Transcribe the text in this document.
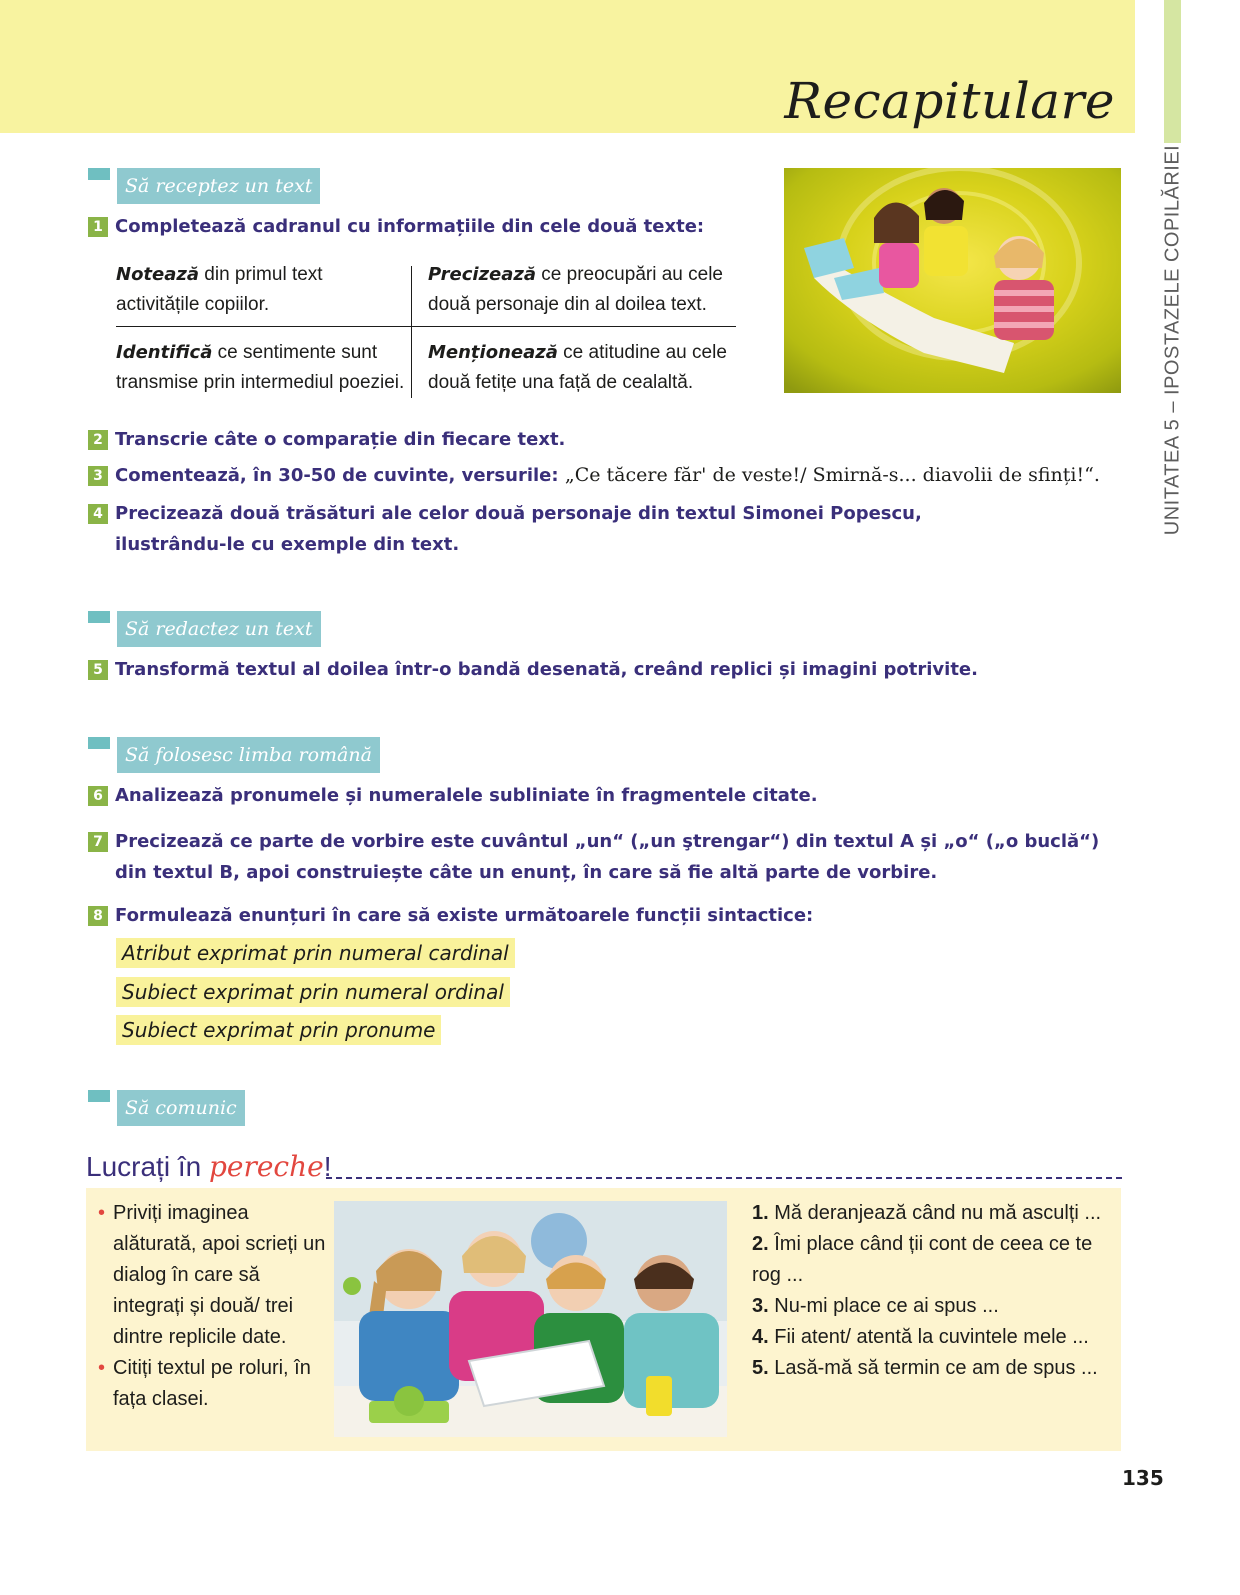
Recapitulare
UNITATEA 5 – IPOSTAZELE COPILĂRIEI
Să receptez un text
1 Completează cadranul cu informațiile din cele două texte:
Notează din primul text
activitățile copiilor.
Precizează ce preocupări au cele
două personaje din al doilea text.
Identifică ce sentimente sunt
transmise prin intermediul poeziei.
Menționează ce atitudine au cele
două fetițe una față de cealaltă.
2 Transcrie câte o comparație din fiecare text.
3 Comentează, în 30-50 de cuvinte, versurile: „Ce tăcere făr' de veste!/ Smirnă-s... diavolii de sfinți!“.
4 Precizează două trăsături ale celor două personaje din textul Simonei Popescu,
ilustrându-le cu exemple din text.
Să redactez un text
5 Transformă textul al doilea într-o bandă desenată, creând replici și imagini potrivite.
Să folosesc limba română
6 Analizează pronumele și numeralele subliniate în fragmentele citate.
7 Precizează ce parte de vorbire este cuvântul „un“ („un ştrengar“) din textul A și „o“ („o buclă“)
din textul B, apoi construiește câte un enunț, în care să fie altă parte de vorbire.
8 Formulează enunțuri în care să existe următoarele funcții sintactice:
Atribut exprimat prin numeral cardinal
Subiect exprimat prin numeral ordinal
Subiect exprimat prin pronume
Să comunic
Lucrați în pereche!
• Priviți imaginea alăturată, apoi scrieți un dialog în care să integrați și două/ trei dintre replicile date.
• Citiți textul pe roluri, în fața clasei.
1. Mă deranjează când nu mă asculți ...
2. Îmi place când ții cont de ceea ce te rog ...
3. Nu-mi place ce ai spus ...
4. Fii atent/ atentă la cuvintele mele ...
5. Lasă-mă să termin ce am de spus ...
135
